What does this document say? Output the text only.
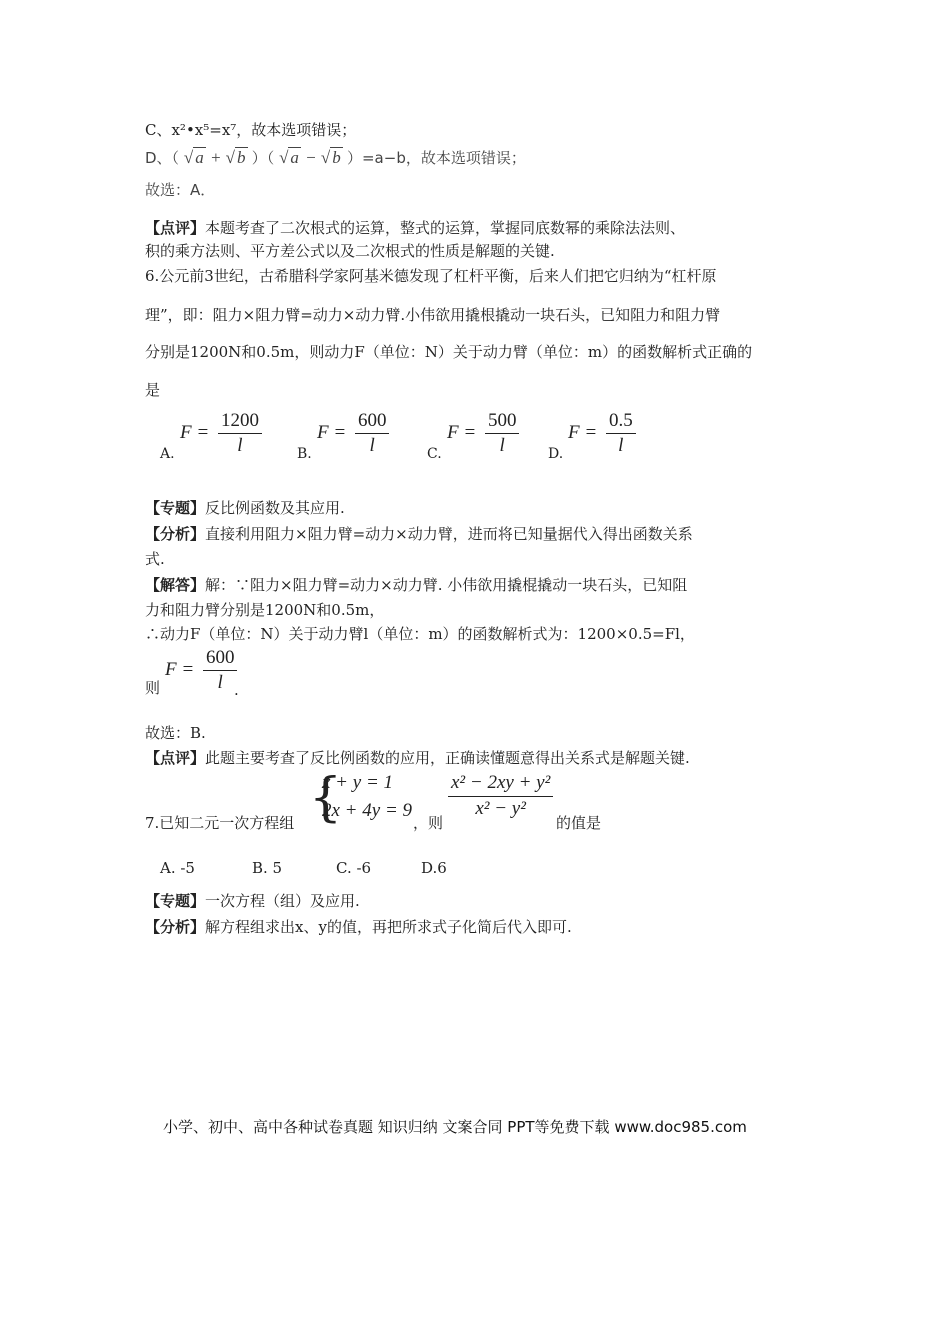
C、x²•x⁵=x⁷，故本选项错误；
D、（ √ a + √ b ）（ √ a − √ b ）=a−b，故本选项错误；
故选：A．
【点评】本题考查了二次根式的运算，整式的运算，掌握同底数幂的乘除法法则、
积的乘方法则、平方差公式以及二次根式的性质是解题的关键.
6.公元前3世纪，古希腊科学家阿基米德发现了杠杆平衡，后来人们把它归纳为“杠杆原
理”，即：阻力×阻力臂=动力×动力臂.小伟欲用撬根撬动一块石头，已知阻力和阻力臂
分别是1200N和0.5m，则动力F（单位：N）关于动力臂（单位：m）的函数解析式正确的
是
A.
$F = \frac{1200}{l}$	B.
$F = \frac{600}{l}$	C.
$F = \frac{500}{l} D$.
$F = \frac{0.5}{l}$
【专题】反比例函数及其应用.
【分析】直接利用阻力×阻力臂=动力×动力臂，进而将已知量据代入得出函数关系
式.
【解答】解：∵阻力×阻力臂=动力×动力臂. 小伟欲用撬棍撬动一块石头，已知阻
力和阻力臂分别是1200N和0.5m，
∴动力F（单位：N）关于动力臂l（单位：m）的函数解析式为：1200×0.5=Fl，
则
$F = \frac{600}{l}$
.
故选：B.
【点评】此题主要考查了反比例函数的应用，正确读懂题意得出关系式是解题关键.
7.已知二元一次方程组 {
x + y = 1
2x + 4y = 9
，则
$\frac{\text{x² − 2xy + y²}}{\text{x² − y²}}$
的值是
A. -5	B. 5	C. -6	D.6
【专题】一次方程（组）及应用.
【分析】解方程组求出x、y的值，再把所求式子化简后代入即可.
小学、初中、高中各种试卷真题 知识归纳 文案合同 PPT等免费下载 www.doc985.com
